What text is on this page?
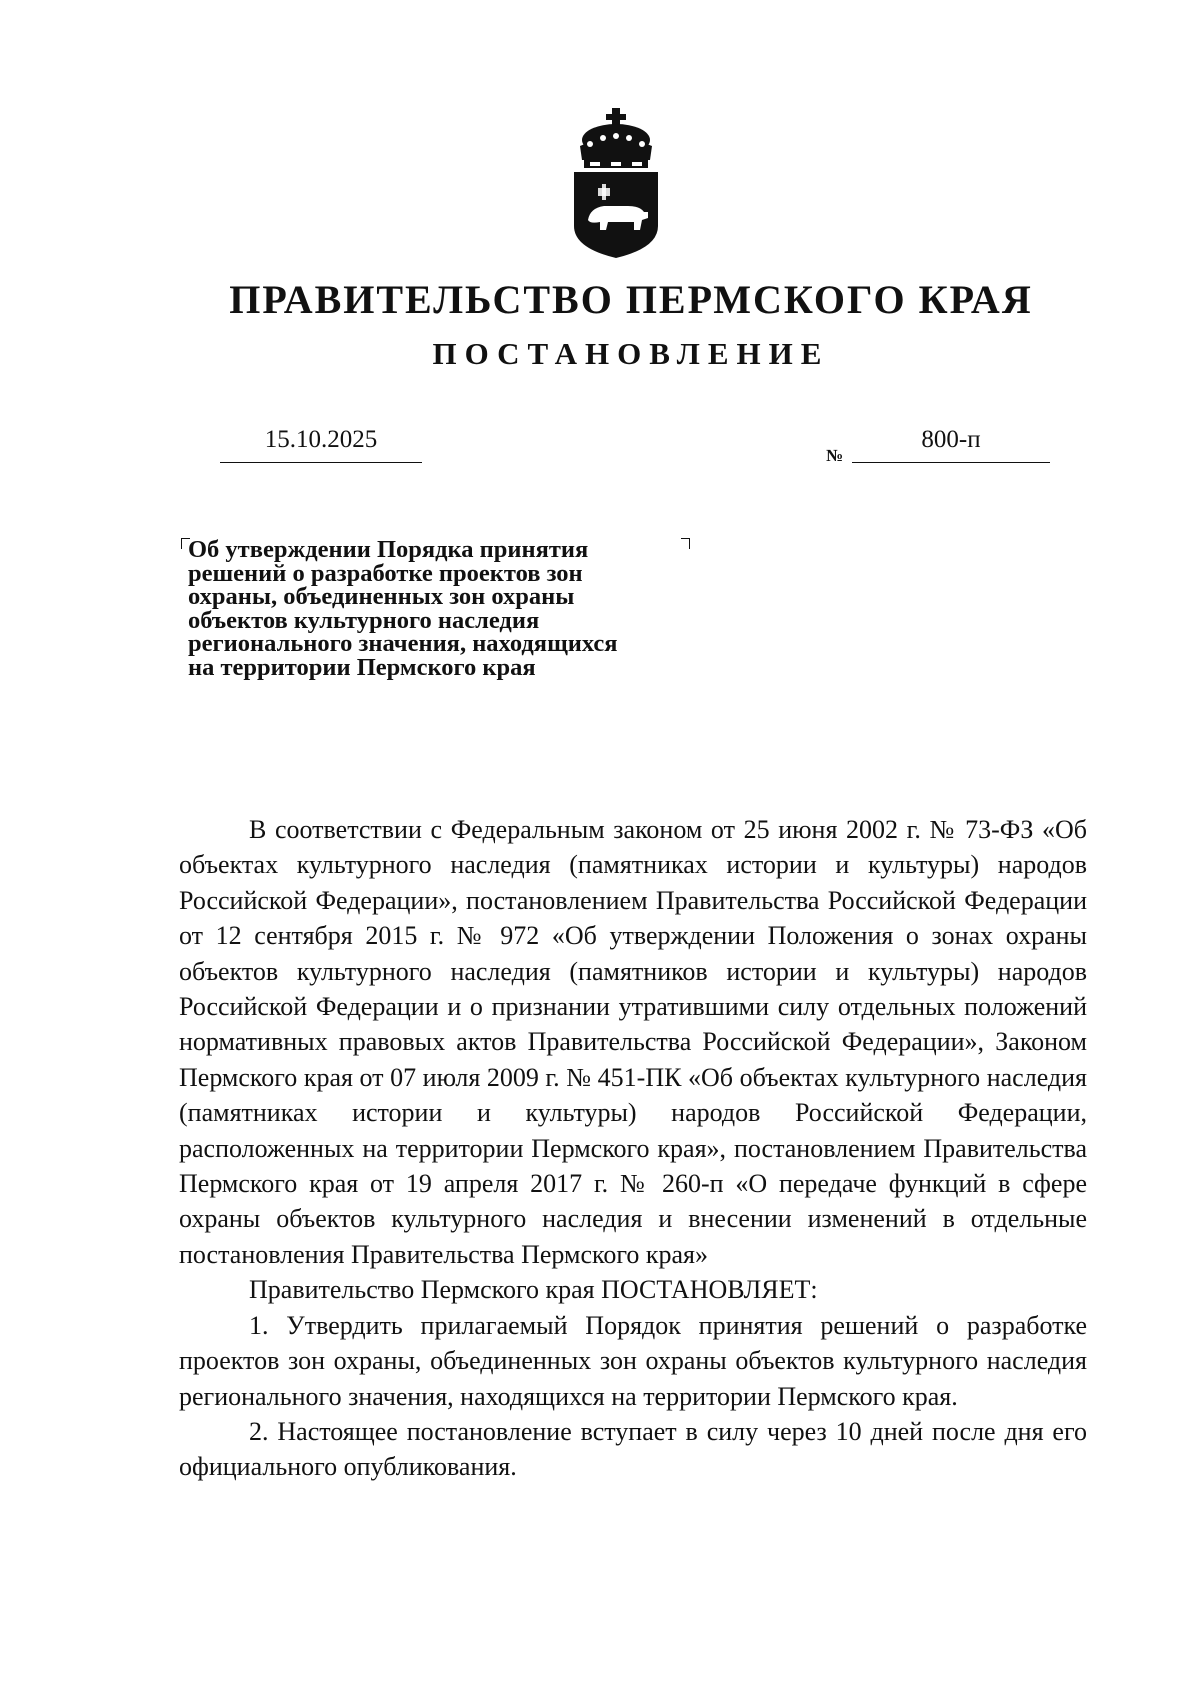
ПРАВИТЕЛЬСТВО ПЕРМСКОГО КРАЯ
ПОСТАНОВЛЕНИЕ
15.10.2025
№
800-п
Об утверждении Порядка принятия
решений о разработке проектов зон
охраны, объединенных зон охраны
объектов культурного наследия
регионального значения, находящихся
на территории Пермского края

В соответствии с Федеральным законом от 25 июня 2002 г. № 73-ФЗ «Об объектах культурного наследия (памятниках истории и культуры) народов Российской Федерации», постановлением Правительства Российской Федерации от 12 сентября 2015 г. № 972 «Об утверждении Положения о зонах охраны объектов культурного наследия (памятников истории и культуры) народов Российской Федерации и о признании утратившими силу отдельных положений нормативных правовых актов Правительства Российской Федерации», Законом Пермского края от 07 июля 2009 г. № 451-ПК «Об объектах культурного наследия (памятниках истории и культуры) народов Российской Федерации, расположенных на территории Пермского края», постановлением Правительства Пермского края от 19 апреля 2017 г. № 260-п «О передаче функций в сфере охраны объектов культурного наследия и внесении изменений в отдельные постановления Правительства Пермского края»

Правительство Пермского края ПОСТАНОВЛЯЕТ:

1. Утвердить прилагаемый Порядок принятия решений о разработке проектов зон охраны, объединенных зон охраны объектов культурного наследия регионального значения, находящихся на территории Пермского края.

2. Настоящее постановление вступает в силу через 10 дней после дня его официального опубликования.
